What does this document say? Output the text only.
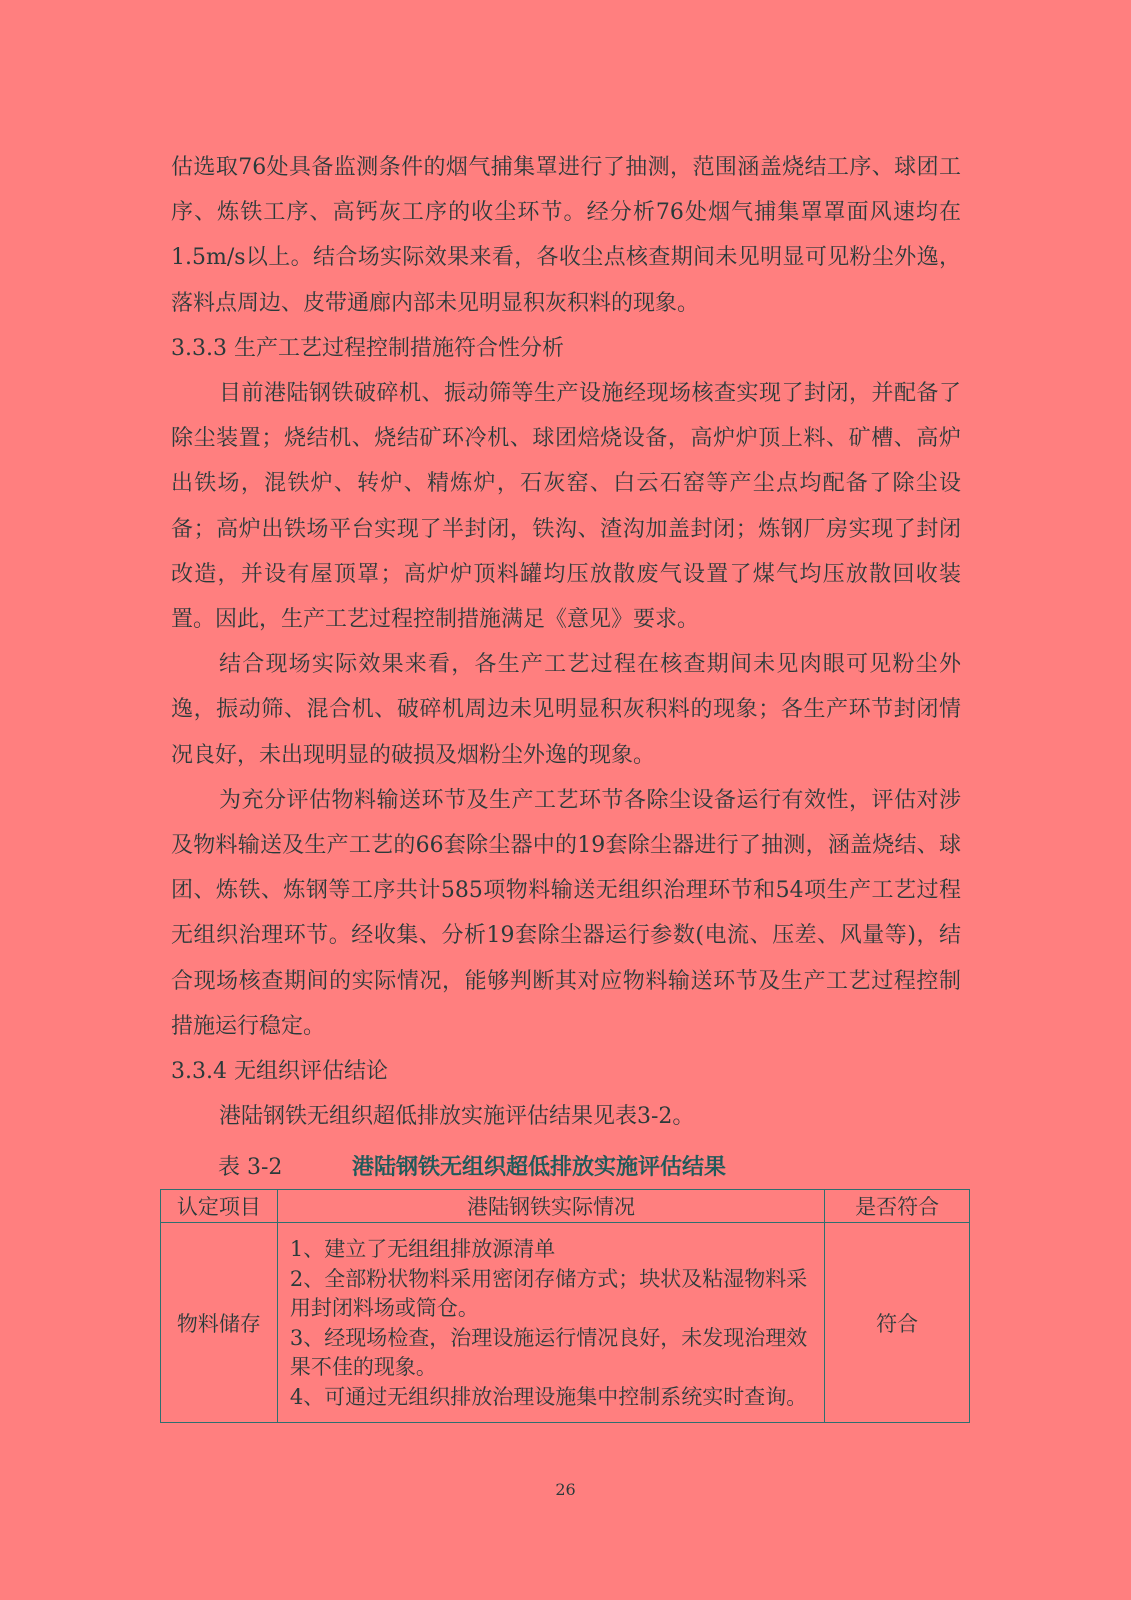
估选取76处具备监测条件的烟气捕集罩进行了抽测，范围涵盖烧结工序、球团工序、炼铁工序、高钙灰工序的收尘环节。经分析76处烟气捕集罩罩面风速均在1.5m/s以上。结合场实际效果来看，各收尘点核查期间未见明显可见粉尘外逸，落料点周边、皮带通廊内部未见明显积灰积料的现象。

3.3.3 生产工艺过程控制措施符合性分析

目前港陆钢铁破碎机、振动筛等生产设施经现场核查实现了封闭，并配备了除尘装置；烧结机、烧结矿环冷机、球团焙烧设备，高炉炉顶上料、矿槽、高炉出铁场，混铁炉、转炉、精炼炉，石灰窑、白云石窑等产尘点均配备了除尘设备；高炉出铁场平台实现了半封闭，铁沟、渣沟加盖封闭；炼钢厂房实现了封闭改造，并设有屋顶罩；高炉炉顶料罐均压放散废气设置了煤气均压放散回收装置。因此，生产工艺过程控制措施满足《意见》要求。

结合现场实际效果来看，各生产工艺过程在核查期间未见肉眼可见粉尘外逸，振动筛、混合机、破碎机周边未见明显积灰积料的现象；各生产环节封闭情况良好，未出现明显的破损及烟粉尘外逸的现象。

为充分评估物料输送环节及生产工艺环节各除尘设备运行有效性，评估对涉及物料输送及生产工艺的66套除尘器中的19套除尘器进行了抽测，涵盖烧结、球团、炼铁、炼钢等工序共计585项物料输送无组织治理环节和54项生产工艺过程无组织治理环节。经收集、分析19套除尘器运行参数(电流、压差、风量等)，结合现场核查期间的实际情况，能够判断其对应物料输送环节及生产工艺过程控制措施运行稳定。

3.3.4 无组织评估结论

港陆钢铁无组织超低排放实施评估结果见表3-2。

表 3-2	港陆钢铁无组织超低排放实施评估结果
认定项目	港陆钢铁实际情况	是否符合
物料储存	1、建立了无组组排放源清单
2、全部粉状物料采用密闭存储方式；块状及粘湿物料采用封闭料场或筒仓。
3、经现场检查，治理设施运行情况良好，未发现治理效果不佳的现象。
4、可通过无组织排放治理设施集中控制系统实时查询。	符合
26
